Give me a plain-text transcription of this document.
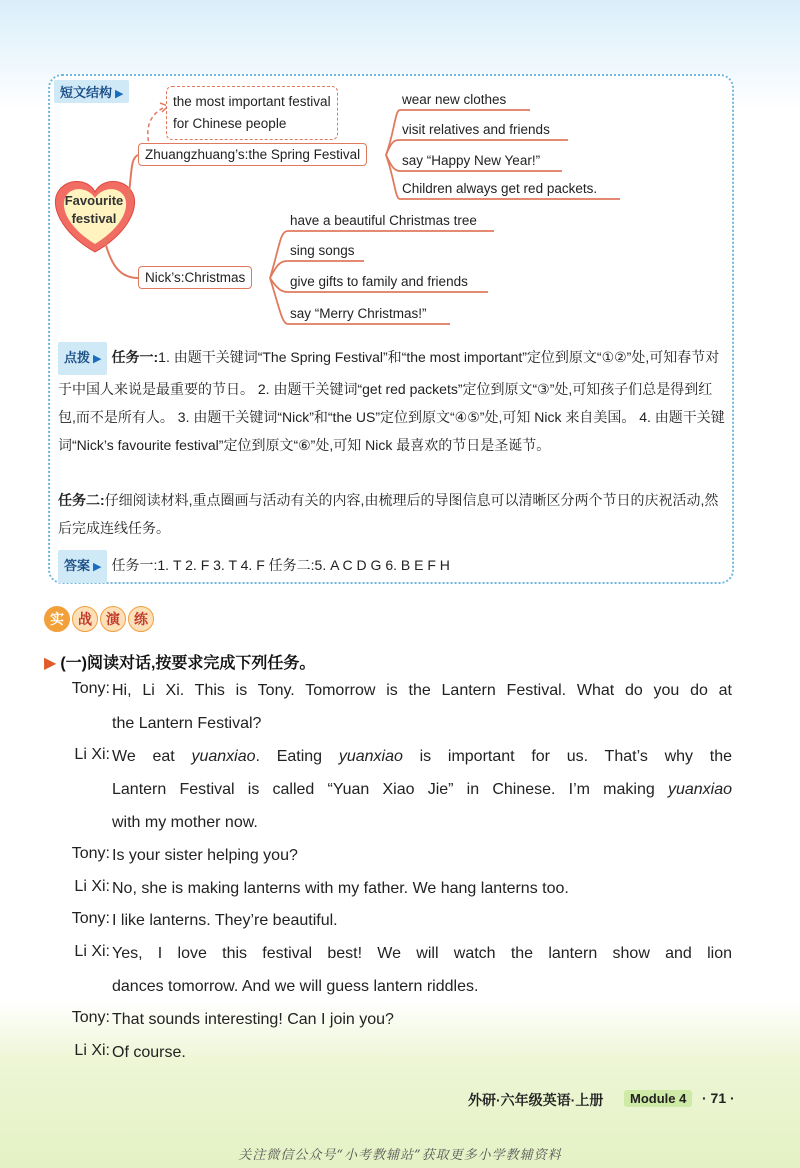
短文结构 ▶
Favourite
festival
the most important festival
for Chinese people
Zhuangzhuang’s:the Spring Festival
Nick’s:Christmas
wear new clothes
visit relatives and friends
say “Happy New Year!”
Children always get red packets.
have a beautiful Christmas tree
sing songs
give gifts to family and friends
say “Merry Christmas!”
点拨 ▶ 任务一:1. 由题干关键词“The Spring Festival”和“the most important”定位到原文“①②”处,可知春节对于中国人来说是最重要的节日。 2. 由题干关键词“get red packets”定位到原文“③”处,可知孩子们总是得到红包,而不是所有人。 3. 由题干关键词“Nick”和“the US”定位到原文“④⑤”处,可知 Nick 来自美国。 4. 由题干关键词“Nick’s favourite festival”定位到原文“⑥”处,可知 Nick 最喜欢的节日是圣诞节。
任务二:仔细阅读材料,重点圈画与活动有关的内容,由梳理后的导图信息可以清晰区分两个节日的庆祝活动,然后完成连线任务。
答案 ▶ 任务一:1. T 2. F 3. T 4. F 任务二:5. A C D G 6. B E F H
实	战	演	练
▶ (一)阅读对话,按要求完成下列任务。
Tony: Hi, Li Xi. This is Tony. Tomorrow is the Lantern Festival. What do you do at
the Lantern Festival?
Li Xi: We eat yuanxiao. Eating yuanxiao is important for us. That’s why the
Lantern Festival is called “Yuan Xiao Jie” in Chinese. I’m making yuanxiao
with my mother now.
Tony: Is your sister helping you?
Li Xi: No, she is making lanterns with my father. We hang lanterns too.
Tony: I like lanterns. They’re beautiful.
Li Xi: Yes, I love this festival best! We will watch the lantern show and lion
dances tomorrow. And we will guess lantern riddles.
Tony: That sounds interesting! Can I join you?
Li Xi: Of course.
外研·六年级英语·上册	Module 4	· 71 ·
关注微信公众号“小考教辅站”获取更多小学教辅资料
